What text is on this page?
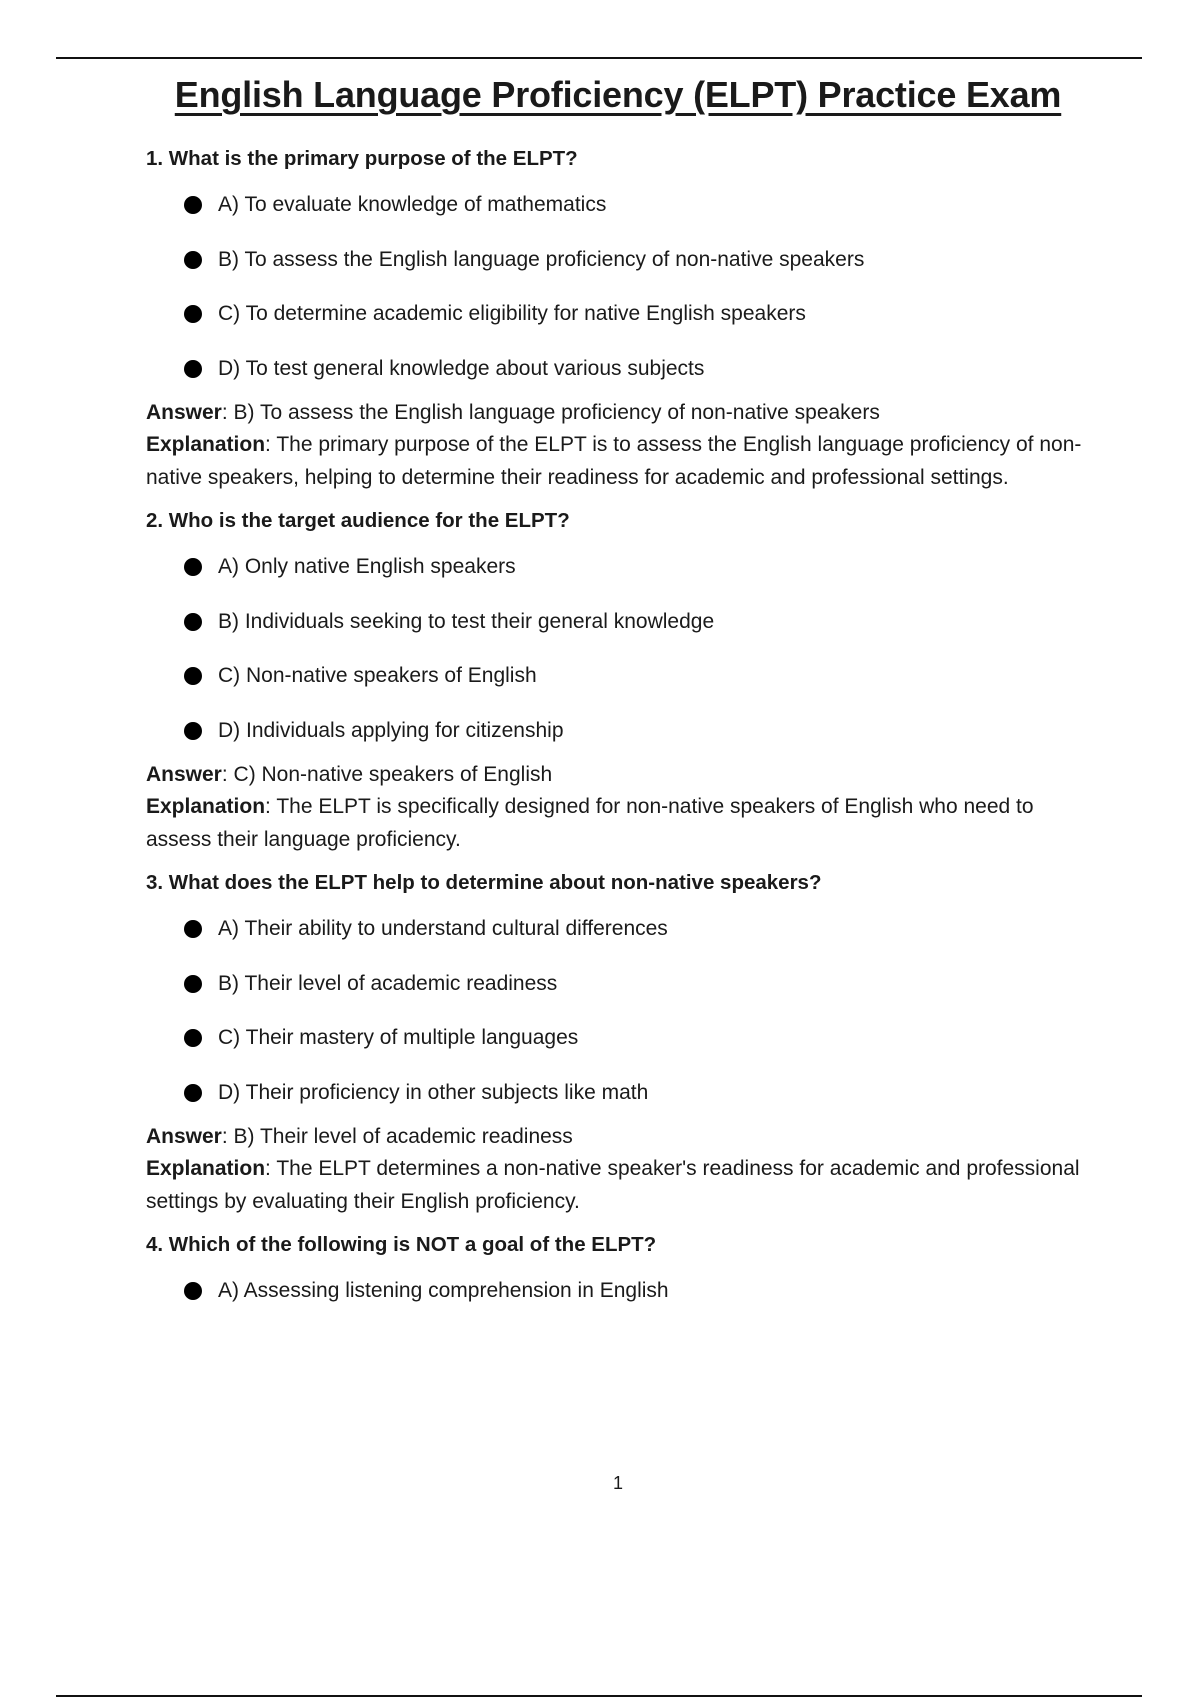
English Language Proficiency (ELPT) Practice Exam
1. What is the primary purpose of the ELPT?
A) To evaluate knowledge of mathematics
B) To assess the English language proficiency of non-native speakers
C) To determine academic eligibility for native English speakers
D) To test general knowledge about various subjects
Answer: B) To assess the English language proficiency of non-native speakers
Explanation: The primary purpose of the ELPT is to assess the English language proficiency of non-native speakers, helping to determine their readiness for academic and professional settings.
2. Who is the target audience for the ELPT?
A) Only native English speakers
B) Individuals seeking to test their general knowledge
C) Non-native speakers of English
D) Individuals applying for citizenship
Answer: C) Non-native speakers of English
Explanation: The ELPT is specifically designed for non-native speakers of English who need to assess their language proficiency.
3. What does the ELPT help to determine about non-native speakers?
A) Their ability to understand cultural differences
B) Their level of academic readiness
C) Their mastery of multiple languages
D) Their proficiency in other subjects like math
Answer: B) Their level of academic readiness
Explanation: The ELPT determines a non-native speaker's readiness for academic and professional settings by evaluating their English proficiency.
4. Which of the following is NOT a goal of the ELPT?
A) Assessing listening comprehension in English
1
